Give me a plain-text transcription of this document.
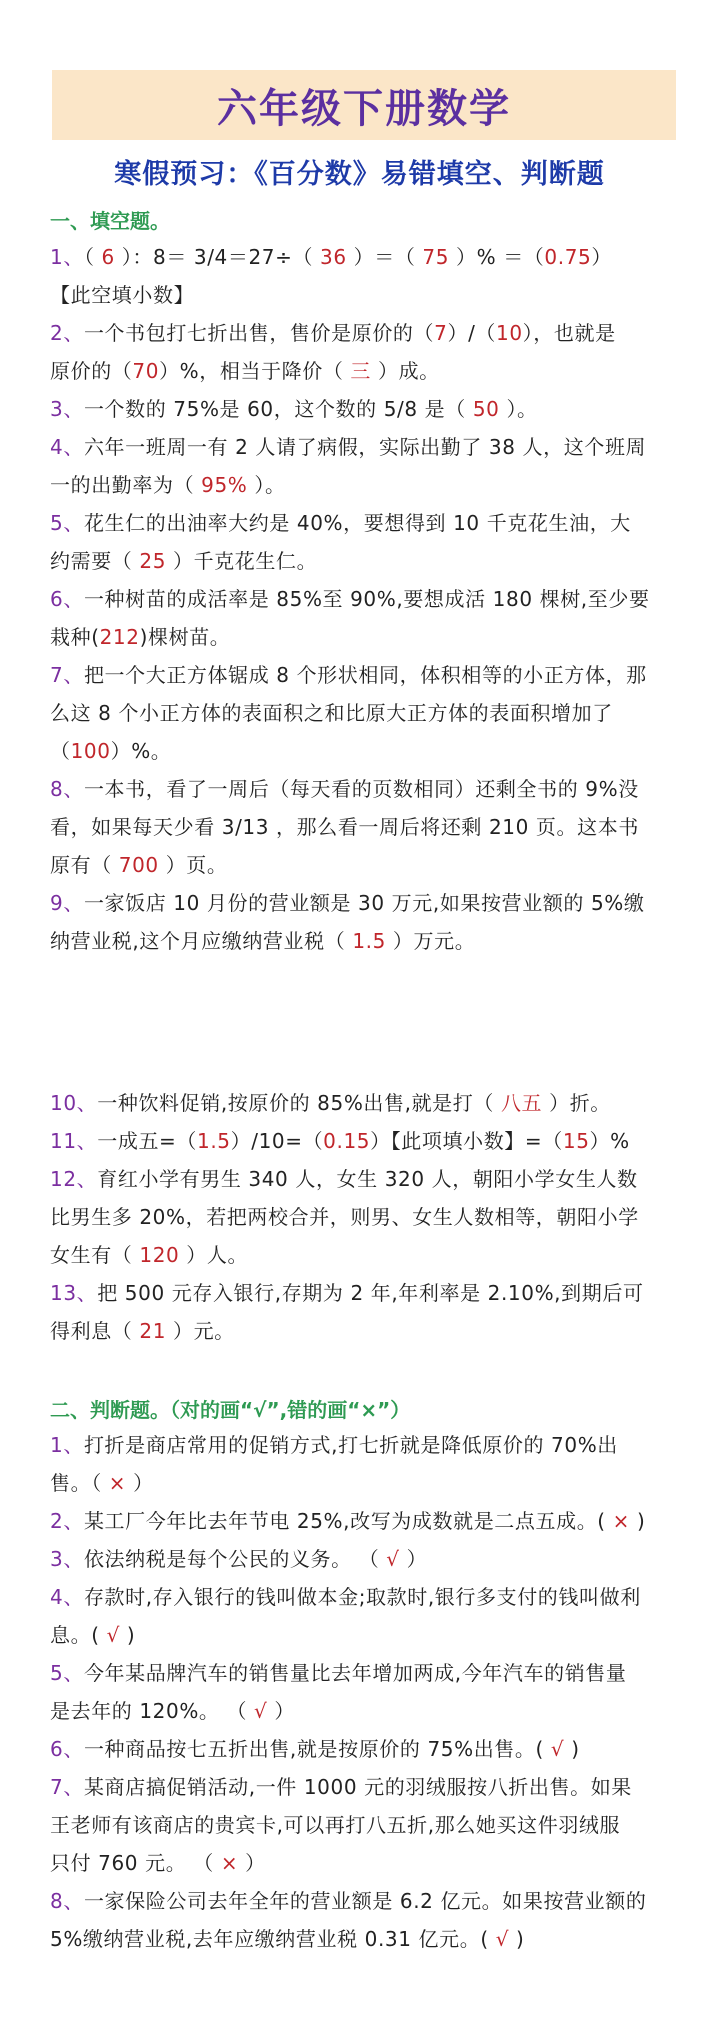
六年级下册数学
寒假预习：《百分数》易错填空、判断题
一、填空题。
1、（ 6 ）：8＝ 3/4＝27÷（ 36 ）＝（ 75 ）% ＝（0.75）
【此空填小数】
2、一个书包打七折出售，售价是原价的（7）/（10），也就是
原价的（70）%，相当于降价（ 三 ）成。
3、一个数的 75%是 60，这个数的 5/8 是（ 50 ）。
4、六年一班周一有 2 人请了病假，实际出勤了 38 人，这个班周
一的出勤率为（ 95% ）。
5、花生仁的出油率大约是 40%，要想得到 10 千克花生油，大
约需要（ 25 ）千克花生仁。
6、一种树苗的成活率是 85%至 90%,要想成活 180 棵树,至少要
栽种(212)棵树苗。
7、把一个大正方体锯成 8 个形状相同，体积相等的小正方体，那
么这 8 个小正方体的表面积之和比原大正方体的表面积增加了
（100）%。
8、一本书，看了一周后（每天看的页数相同）还剩全书的 9%没
看，如果每天少看 3/13 ，那么看一周后将还剩 210 页。这本书
原有（ 700 ）页。
9、一家饭店 10 月份的营业额是 30 万元,如果按营业额的 5%缴
纳营业税,这个月应缴纳营业税（ 1.5 ）万元。
10、一种饮料促销,按原价的 85%出售,就是打（ 八五 ）折。
11、一成五=（1.5）/10=（0.15）【此项填小数】=（15）%
12、育红小学有男生 340 人，女生 320 人，朝阳小学女生人数
比男生多 20%，若把两校合并，则男、女生人数相等，朝阳小学
女生有（ 120 ）人。
13、把 500 元存入银行,存期为 2 年,年利率是 2.10%,到期后可
得利息（ 21 ）元。
二、判断题。（对的画“√”,错的画“×”）
1、打折是商店常用的促销方式,打七折就是降低原价的 70%出
售。（ × ）
2、某工厂今年比去年节电 25%,改写为成数就是二点五成。( × )
3、依法纳税是每个公民的义务。 （ √ ）
4、存款时,存入银行的钱叫做本金;取款时,银行多支付的钱叫做利
息。( √ )
5、今年某品牌汽车的销售量比去年增加两成,今年汽车的销售量
是去年的 120%。 （ √ ）
6、一种商品按七五折出售,就是按原价的 75%出售。( √ )
7、某商店搞促销活动,一件 1000 元的羽绒服按八折出售。如果
王老师有该商店的贵宾卡,可以再打八五折,那么她买这件羽绒服
只付 760 元。 （ × ）
8、一家保险公司去年全年的营业额是 6.2 亿元。如果按营业额的
5%缴纳营业税,去年应缴纳营业税 0.31 亿元。( √ )
